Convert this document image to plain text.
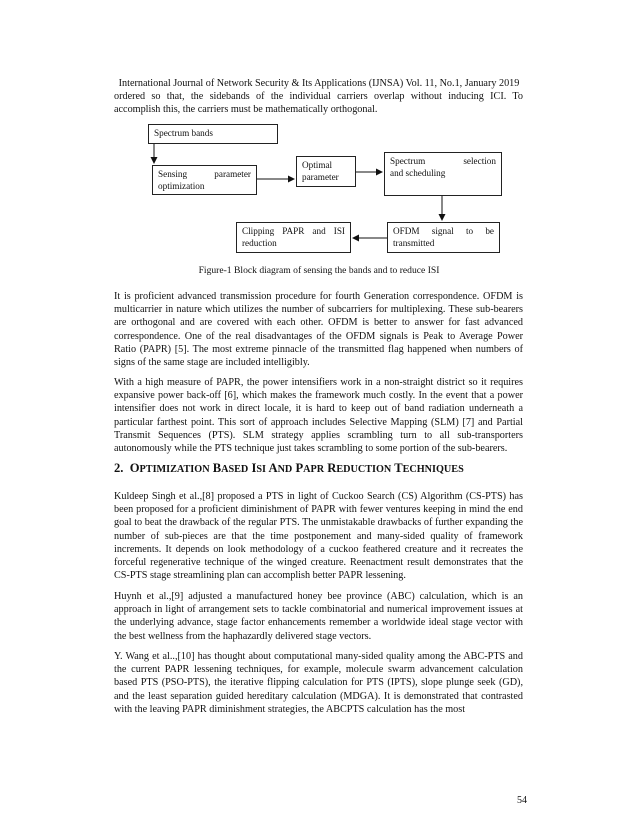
International Journal of Network Security & Its Applications (IJNSA) Vol. 11, No.1, January 2019

ordered so that, the sidebands of the individual carriers overlap without inducing ICI. To accomplish this, the carriers must be mathematically orthogonal.

Spectrum bands
Sensing parameter
optimization
Optimal
parameter
Spectrum selection
and scheduling
Clipping PAPR and ISI
reduction
OFDM signal to be
transmitted
Figure-1 Block diagram of sensing the bands and to reduce ISI

It is proficient advanced transmission procedure for fourth Generation correspondence. OFDM is multicarrier in nature which utilizes the number of subcarriers for multiplexing. These sub-bearers are orthogonal and are covered with each other. OFDM is better to answer for fast advanced correspondence. One of the real disadvantages of the OFDM signals is Peak to Average Power Ratio (PAPR) [5]. The most extreme pinnacle of the transmitted flag happened when numbers of signs of the same stage are included intelligibly.

With a high measure of PAPR, the power intensifiers work in a non-straight district so it requires expansive power back-off [6], which makes the framework much costly. In the event that a power intensifier does not work in direct locale, it is hard to keep out of band radiation underneath a particular farthest point. This sort of approach includes Selective Mapping (SLM) [7] and Partial Transmit Sequences (PTS). SLM strategy applies scrambling turn to all sub-transporters autonomously while the PTS technique just takes scrambling to some portion of the sub-bearers.

2. OPTIMIZATION BASED ISI AND PAPR REDUCTION TECHNIQUES

Kuldeep Singh et al.,[8] proposed a PTS in light of Cuckoo Search (CS) Algorithm (CS-PTS) has been proposed for a proficient diminishment of PAPR with fewer ventures keeping in mind the end goal to beat the drawback of the regular PTS. The unmistakable drawbacks of further expanding the number of sub-pieces are that the time postponement and many-sided quality of framework increments. It depends on look methodology of a cuckoo feathered creature and it recreates the forceful regenerative technique of the winged creature. Reenactment result demonstrates that the CS-PTS stage streamlining plan can accomplish better PAPR lessening.

Huynh et al.,[9] adjusted a manufactured honey bee province (ABC) calculation, which is an approach in light of arrangement sets to tackle combinatorial and numerical improvement issues at the underlying advance, stage factor enhancements remember a worldwide ideal stage vector with the best wellness from the haphazardly delivered stage vectors.

Y. Wang et al..,[10] has thought about computational many-sided quality among the ABC-PTS and the current PAPR lessening techniques, for example, molecule swarm advancement calculation based PTS (PSO-PTS), the iterative flipping calculation for PTS (IPTS), slope plunge seek (GD), and the least separation guided hereditary calculation (MDGA). It is demonstrated that contrasted with the leaving PAPR diminishment strategies, the ABCPTS calculation has the most

54
